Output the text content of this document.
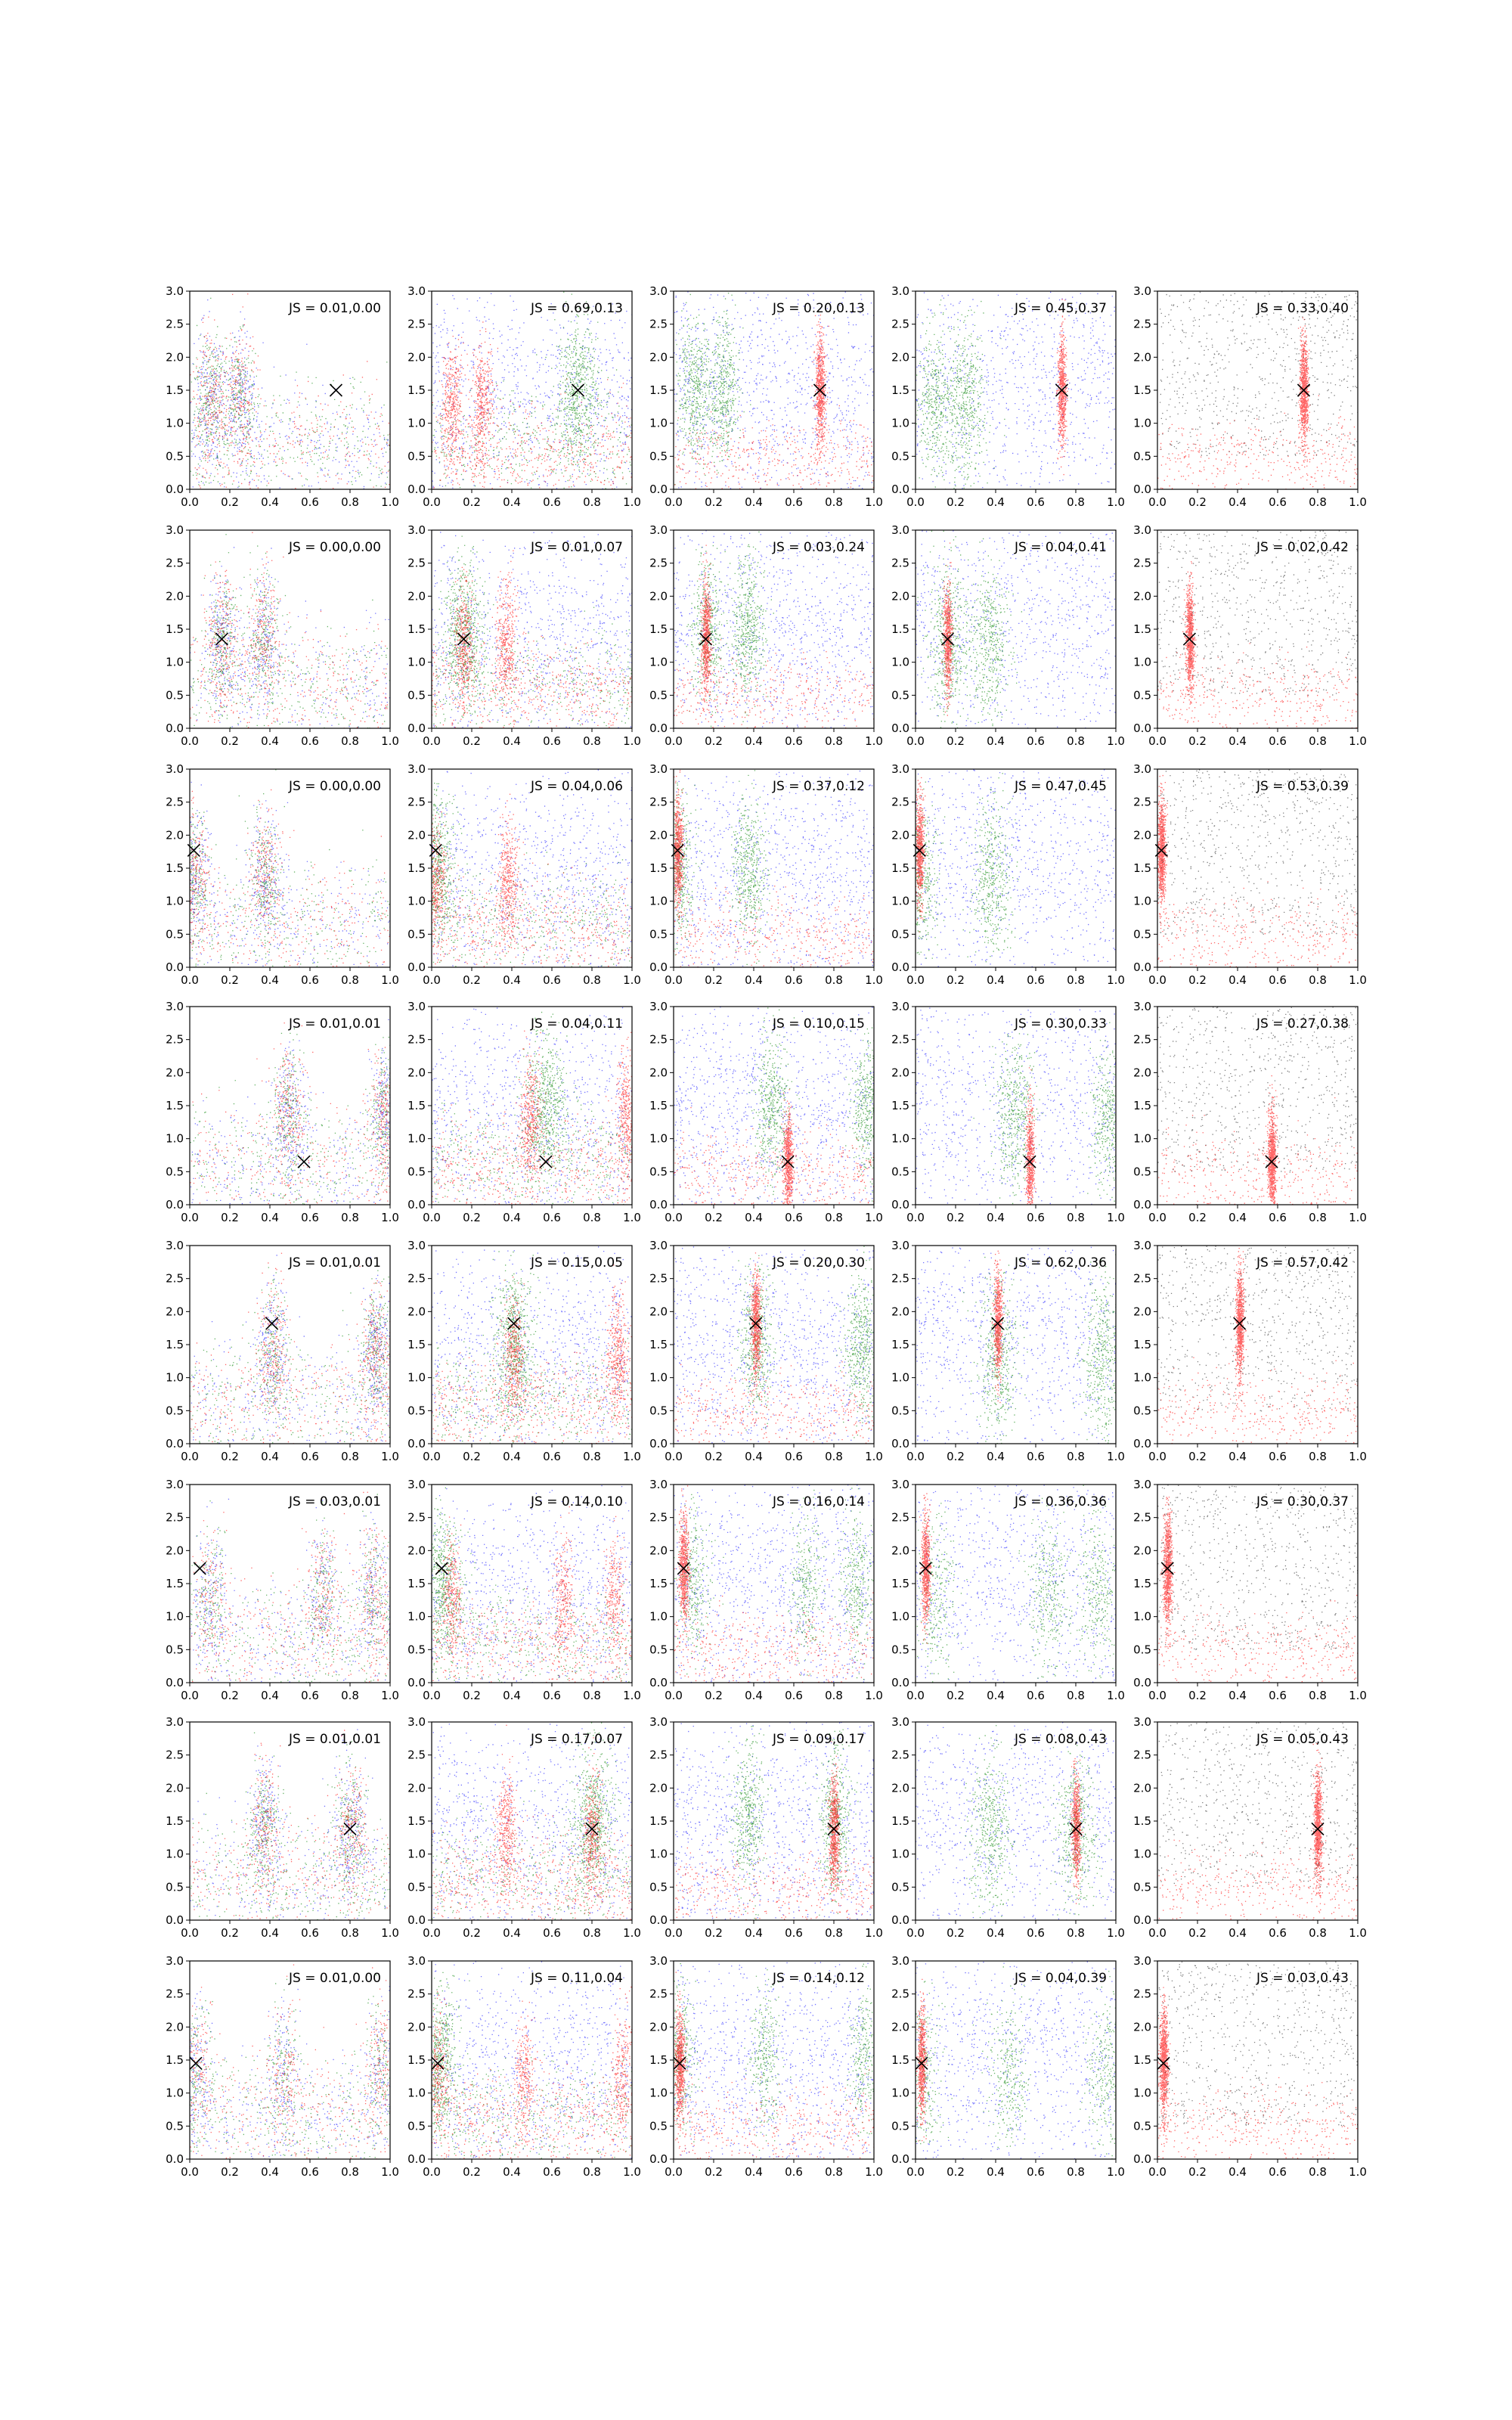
0.0 0.2 0.4 0.6 0.8 1.0
0.0
0.5
1.0
1.5
2.0
2.5
3.0
JS = 0.01,0.00
0.0 0.2 0.4 0.6 0.8 1.0
0.0
0.5
1.0
1.5
2.0
2.5
3.0
JS = 0.69,0.13
0.0 0.2 0.4 0.6 0.8 1.0
0.0
0.5
1.0
1.5
2.0
2.5
3.0
JS = 0.20,0.13
0.0 0.2 0.4 0.6 0.8 1.0
0.0
0.5
1.0
1.5
2.0
2.5
3.0
JS = 0.45,0.37
0.0 0.2 0.4 0.6 0.8 1.0
0.0
0.5
1.0
1.5
2.0
2.5
3.0
JS = 0.33,0.40
0.0 0.2 0.4 0.6 0.8 1.0
0.0
0.5
1.0
1.5
2.0
2.5
3.0
JS = 0.00,0.00
0.0 0.2 0.4 0.6 0.8 1.0
0.0
0.5
1.0
1.5
2.0
2.5
3.0
JS = 0.01,0.07
0.0 0.2 0.4 0.6 0.8 1.0
0.0
0.5
1.0
1.5
2.0
2.5
3.0
JS = 0.03,0.24
0.0 0.2 0.4 0.6 0.8 1.0
0.0
0.5
1.0
1.5
2.0
2.5
3.0
JS = 0.04,0.41
0.0 0.2 0.4 0.6 0.8 1.0
0.0
0.5
1.0
1.5
2.0
2.5
3.0
JS = 0.02,0.42
0.0 0.2 0.4 0.6 0.8 1.0
0.0
0.5
1.0
1.5
2.0
2.5
3.0
JS = 0.00,0.00
0.0 0.2 0.4 0.6 0.8 1.0
0.0
0.5
1.0
1.5
2.0
2.5
3.0
JS = 0.04,0.06
0.0 0.2 0.4 0.6 0.8 1.0
0.0
0.5
1.0
1.5
2.0
2.5
3.0
JS = 0.37,0.12
0.0 0.2 0.4 0.6 0.8 1.0
0.0
0.5
1.0
1.5
2.0
2.5
3.0
JS = 0.47,0.45
0.0 0.2 0.4 0.6 0.8 1.0
0.0
0.5
1.0
1.5
2.0
2.5
3.0
JS = 0.53,0.39
0.0 0.2 0.4 0.6 0.8 1.0
0.0
0.5
1.0
1.5
2.0
2.5
3.0
JS = 0.01,0.01
0.0 0.2 0.4 0.6 0.8 1.0
0.0
0.5
1.0
1.5
2.0
2.5
3.0
JS = 0.04,0.11
0.0 0.2 0.4 0.6 0.8 1.0
0.0
0.5
1.0
1.5
2.0
2.5
3.0
JS = 0.10,0.15
0.0 0.2 0.4 0.6 0.8 1.0
0.0
0.5
1.0
1.5
2.0
2.5
3.0
JS = 0.30,0.33
0.0 0.2 0.4 0.6 0.8 1.0
0.0
0.5
1.0
1.5
2.0
2.5
3.0
JS = 0.27,0.38
0.0 0.2 0.4 0.6 0.8 1.0
0.0
0.5
1.0
1.5
2.0
2.5
3.0
JS = 0.01,0.01
0.0 0.2 0.4 0.6 0.8 1.0
0.0
0.5
1.0
1.5
2.0
2.5
3.0
JS = 0.15,0.05
0.0 0.2 0.4 0.6 0.8 1.0
0.0
0.5
1.0
1.5
2.0
2.5
3.0
JS = 0.20,0.30
0.0 0.2 0.4 0.6 0.8 1.0
0.0
0.5
1.0
1.5
2.0
2.5
3.0
JS = 0.62,0.36
0.0 0.2 0.4 0.6 0.8 1.0
0.0
0.5
1.0
1.5
2.0
2.5
3.0
JS = 0.57,0.42
0.0 0.2 0.4 0.6 0.8 1.0
0.0
0.5
1.0
1.5
2.0
2.5
3.0
JS = 0.03,0.01
0.0 0.2 0.4 0.6 0.8 1.0
0.0
0.5
1.0
1.5
2.0
2.5
3.0
JS = 0.14,0.10
0.0 0.2 0.4 0.6 0.8 1.0
0.0
0.5
1.0
1.5
2.0
2.5
3.0
JS = 0.16,0.14
0.0 0.2 0.4 0.6 0.8 1.0
0.0
0.5
1.0
1.5
2.0
2.5
3.0
JS = 0.36,0.36
0.0 0.2 0.4 0.6 0.8 1.0
0.0
0.5
1.0
1.5
2.0
2.5
3.0
JS = 0.30,0.37
0.0 0.2 0.4 0.6 0.8 1.0
0.0
0.5
1.0
1.5
2.0
2.5
3.0
JS = 0.01,0.01
0.0 0.2 0.4 0.6 0.8 1.0
0.0
0.5
1.0
1.5
2.0
2.5
3.0
JS = 0.17,0.07
0.0 0.2 0.4 0.6 0.8 1.0
0.0
0.5
1.0
1.5
2.0
2.5
3.0
JS = 0.09,0.17
0.0 0.2 0.4 0.6 0.8 1.0
0.0
0.5
1.0
1.5
2.0
2.5
3.0
JS = 0.08,0.43
0.0 0.2 0.4 0.6 0.8 1.0
0.0
0.5
1.0
1.5
2.0
2.5
3.0
JS = 0.05,0.43
0.0 0.2 0.4 0.6 0.8 1.0
0.0
0.5
1.0
1.5
2.0
2.5
3.0
JS = 0.01,0.00
0.0 0.2 0.4 0.6 0.8 1.0
0.0
0.5
1.0
1.5
2.0
2.5
3.0
JS = 0.11,0.04
0.0 0.2 0.4 0.6 0.8 1.0
0.0
0.5
1.0
1.5
2.0
2.5
3.0
JS = 0.14,0.12
0.0 0.2 0.4 0.6 0.8 1.0
0.0
0.5
1.0
1.5
2.0
2.5
3.0
JS = 0.04,0.39
0.0 0.2 0.4 0.6 0.8 1.0
0.0
0.5
1.0
1.5
2.0
2.5
3.0
JS = 0.03,0.43
